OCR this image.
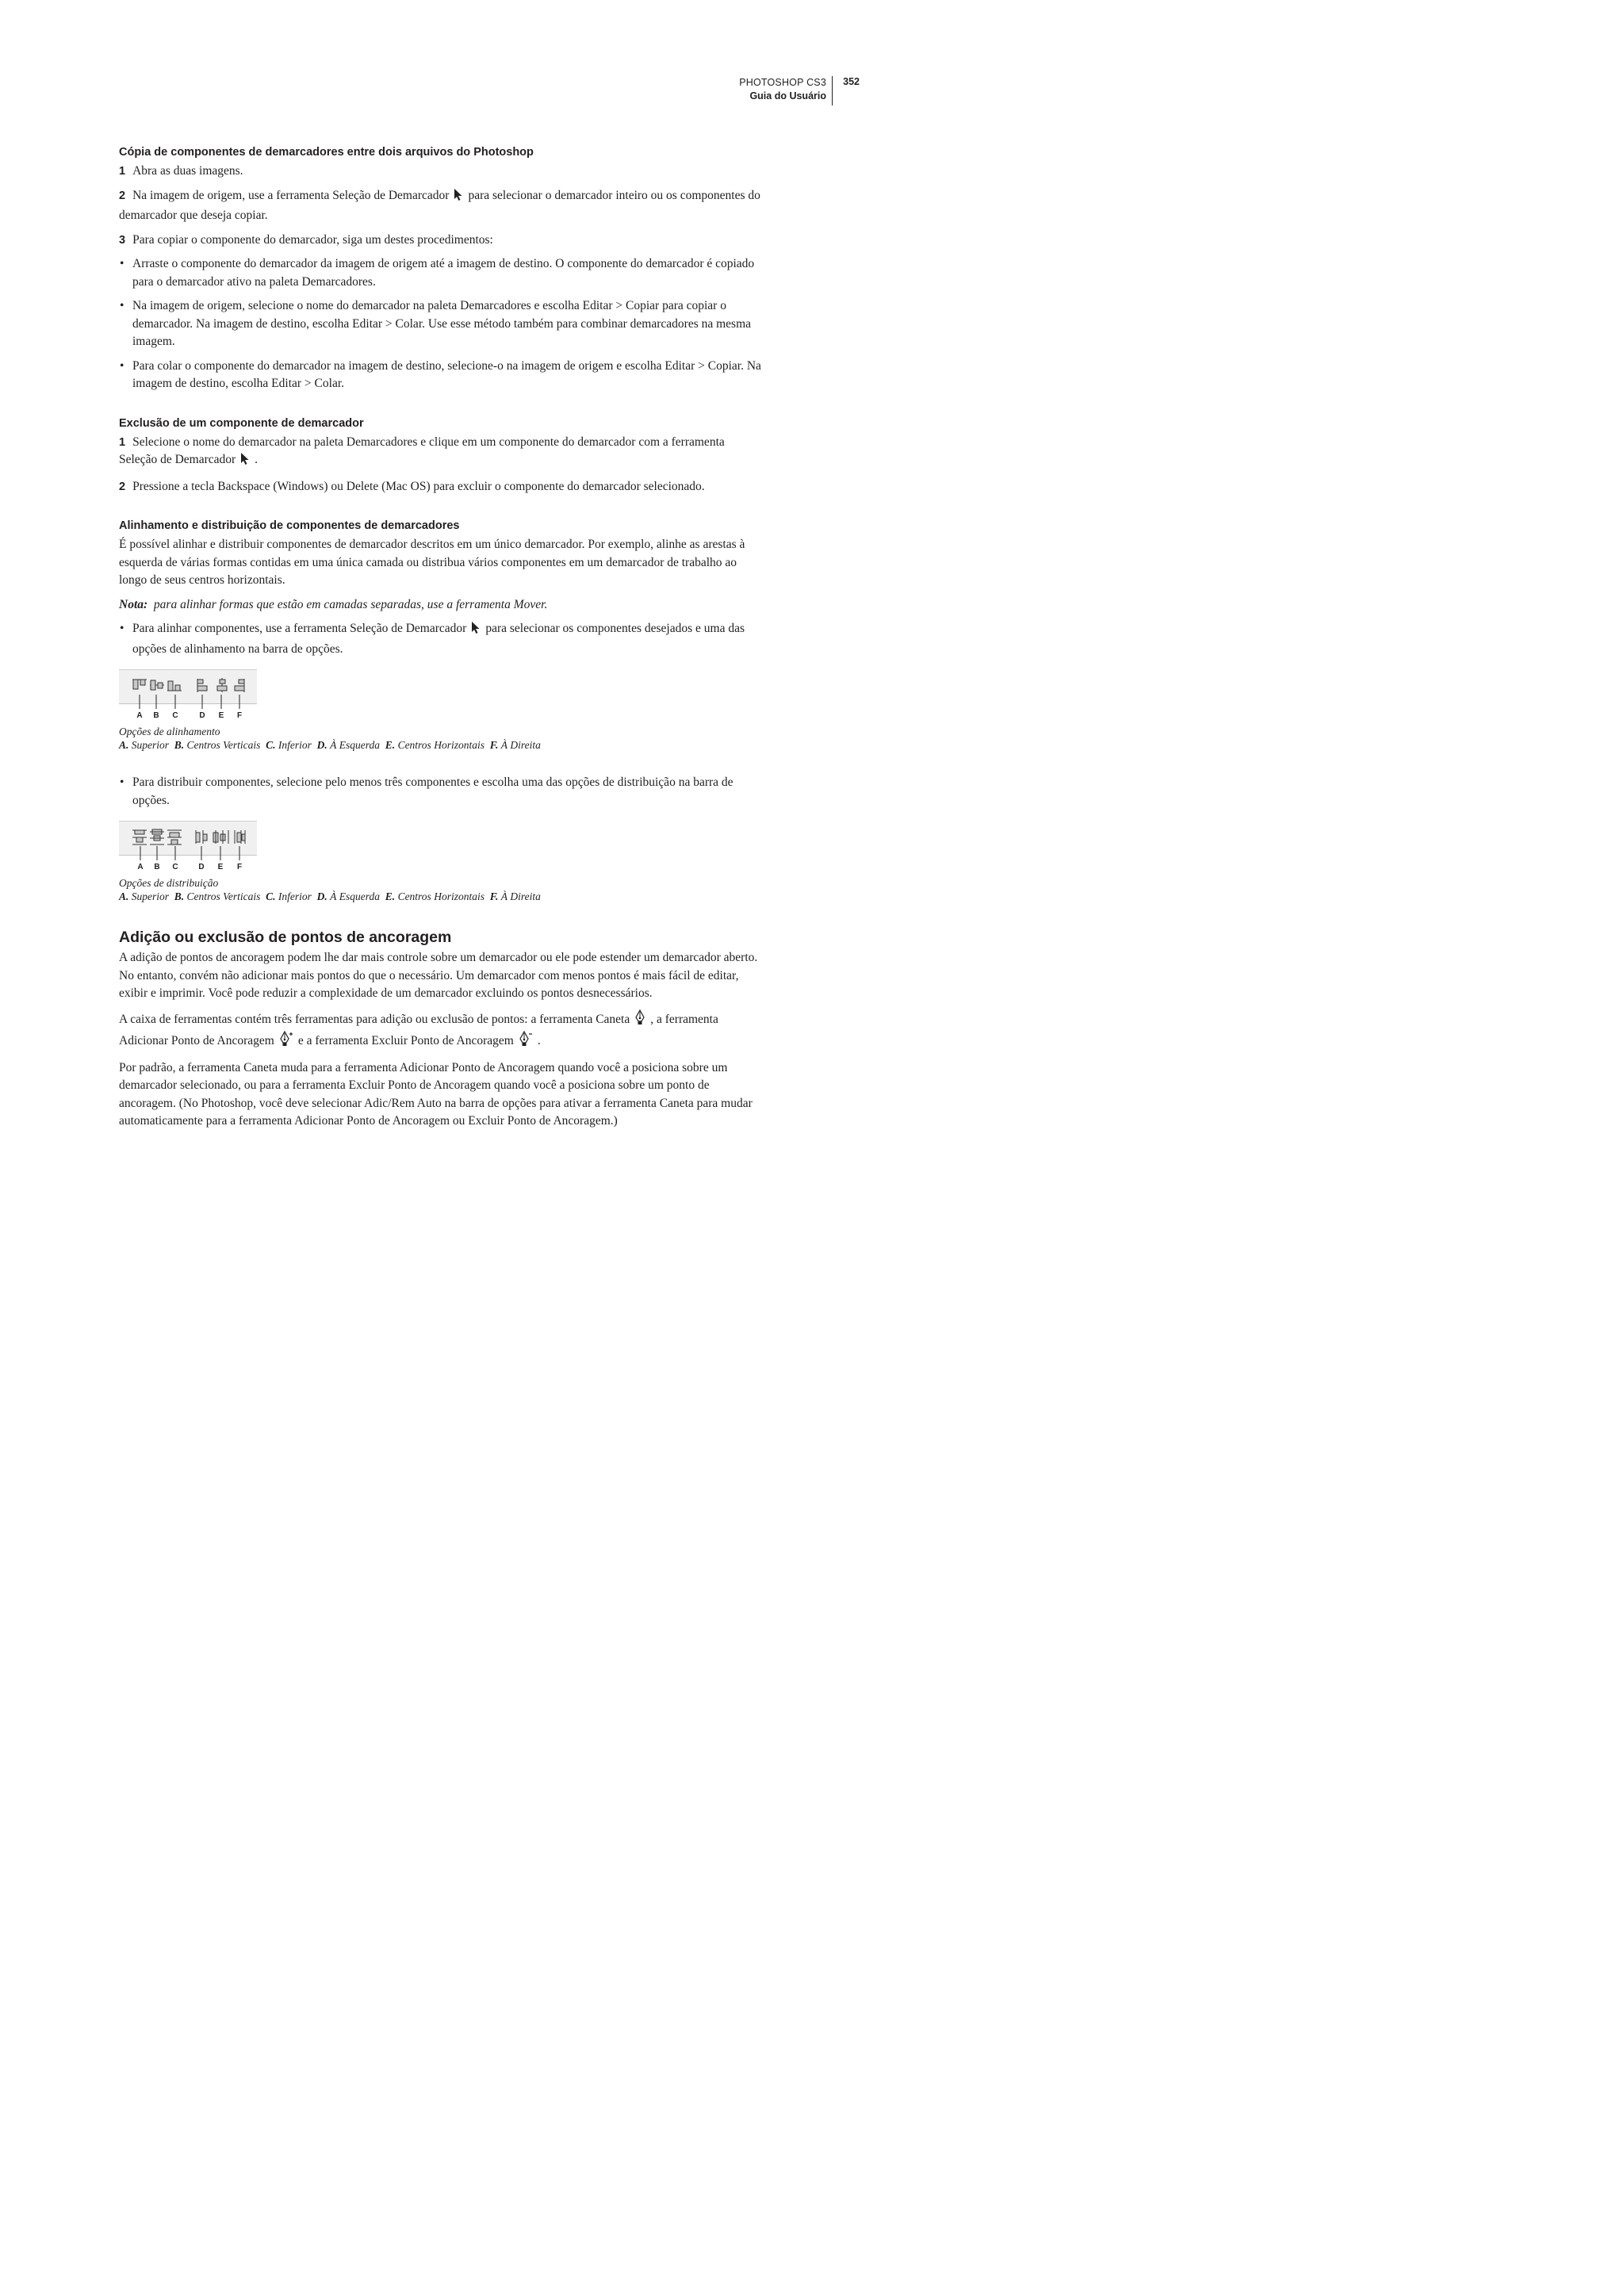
PHOTOSHOP CS3
Guia do Usuário
352
Cópia de componentes de demarcadores entre dois arquivos do Photoshop

1 Abra as duas imagens.

2 Na imagem de origem, use a ferramenta Seleção de Demarcador para selecionar o demarcador inteiro ou os componentes do demarcador que deseja copiar.

3 Para copiar o componente do demarcador, siga um destes procedimentos:

• Arraste o componente do demarcador da imagem de origem até a imagem de destino. O componente do demarcador é copiado para o demarcador ativo na paleta Demarcadores.

• Na imagem de origem, selecione o nome do demarcador na paleta Demarcadores e escolha Editar > Copiar para copiar o demarcador. Na imagem de destino, escolha Editar > Colar. Use esse método também para combinar demarcadores na mesma imagem.

• Para colar o componente do demarcador na imagem de destino, selecione-o na imagem de origem e escolha Editar > Copiar. Na imagem de destino, escolha Editar > Colar.

Exclusão de um componente de demarcador

1 Selecione o nome do demarcador na paleta Demarcadores e clique em um componente do demarcador com a ferramenta Seleção de Demarcador .

2 Pressione a tecla Backspace (Windows) ou Delete (Mac OS) para excluir o componente do demarcador selecionado.

Alinhamento e distribuição de componentes de demarcadores

É possível alinhar e distribuir componentes de demarcador descritos em um único demarcador. Por exemplo, alinhe as arestas à esquerda de várias formas contidas em uma única camada ou distribua vários componentes em um demarcador de trabalho ao longo de seus centros horizontais.

Nota: para alinhar formas que estão em camadas separadas, use a ferramenta Mover.

• Para alinhar componentes, use a ferramenta Seleção de Demarcador para selecionar os componentes desejados e uma das opções de alinhamento na barra de opções.

A B C	D E F
Opções de alinhamento
A. Superior B. Centros Verticais C. Inferior D. À Esquerda E. Centros Horizontais F. À Direita

• Para distribuir componentes, selecione pelo menos três componentes e escolha uma das opções de distribuição na barra de opções.

A B C	D E F
Opções de distribuição
A. Superior B. Centros Verticais C. Inferior D. À Esquerda E. Centros Horizontais F. À Direita
Adição ou exclusão de pontos de ancoragem

A adição de pontos de ancoragem podem lhe dar mais controle sobre um demarcador ou ele pode estender um demarcador aberto. No entanto, convém não adicionar mais pontos do que o necessário. Um demarcador com menos pontos é mais fácil de editar, exibir e imprimir. Você pode reduzir a complexidade de um demarcador excluindo os pontos desnecessários.

A caixa de ferramentas contém três ferramentas para adição ou exclusão de pontos: a ferramenta Caneta , a ferramenta Adicionar Ponto de Ancoragem e a ferramenta Excluir Ponto de Ancoragem .

Por padrão, a ferramenta Caneta muda para a ferramenta Adicionar Ponto de Ancoragem quando você a posiciona sobre um demarcador selecionado, ou para a ferramenta Excluir Ponto de Ancoragem quando você a posiciona sobre um ponto de ancoragem. (No Photoshop, você deve selecionar Adic/Rem Auto na barra de opções para ativar a ferramenta Caneta para mudar automaticamente para a ferramenta Adicionar Ponto de Ancoragem ou Excluir Ponto de Ancoragem.)
